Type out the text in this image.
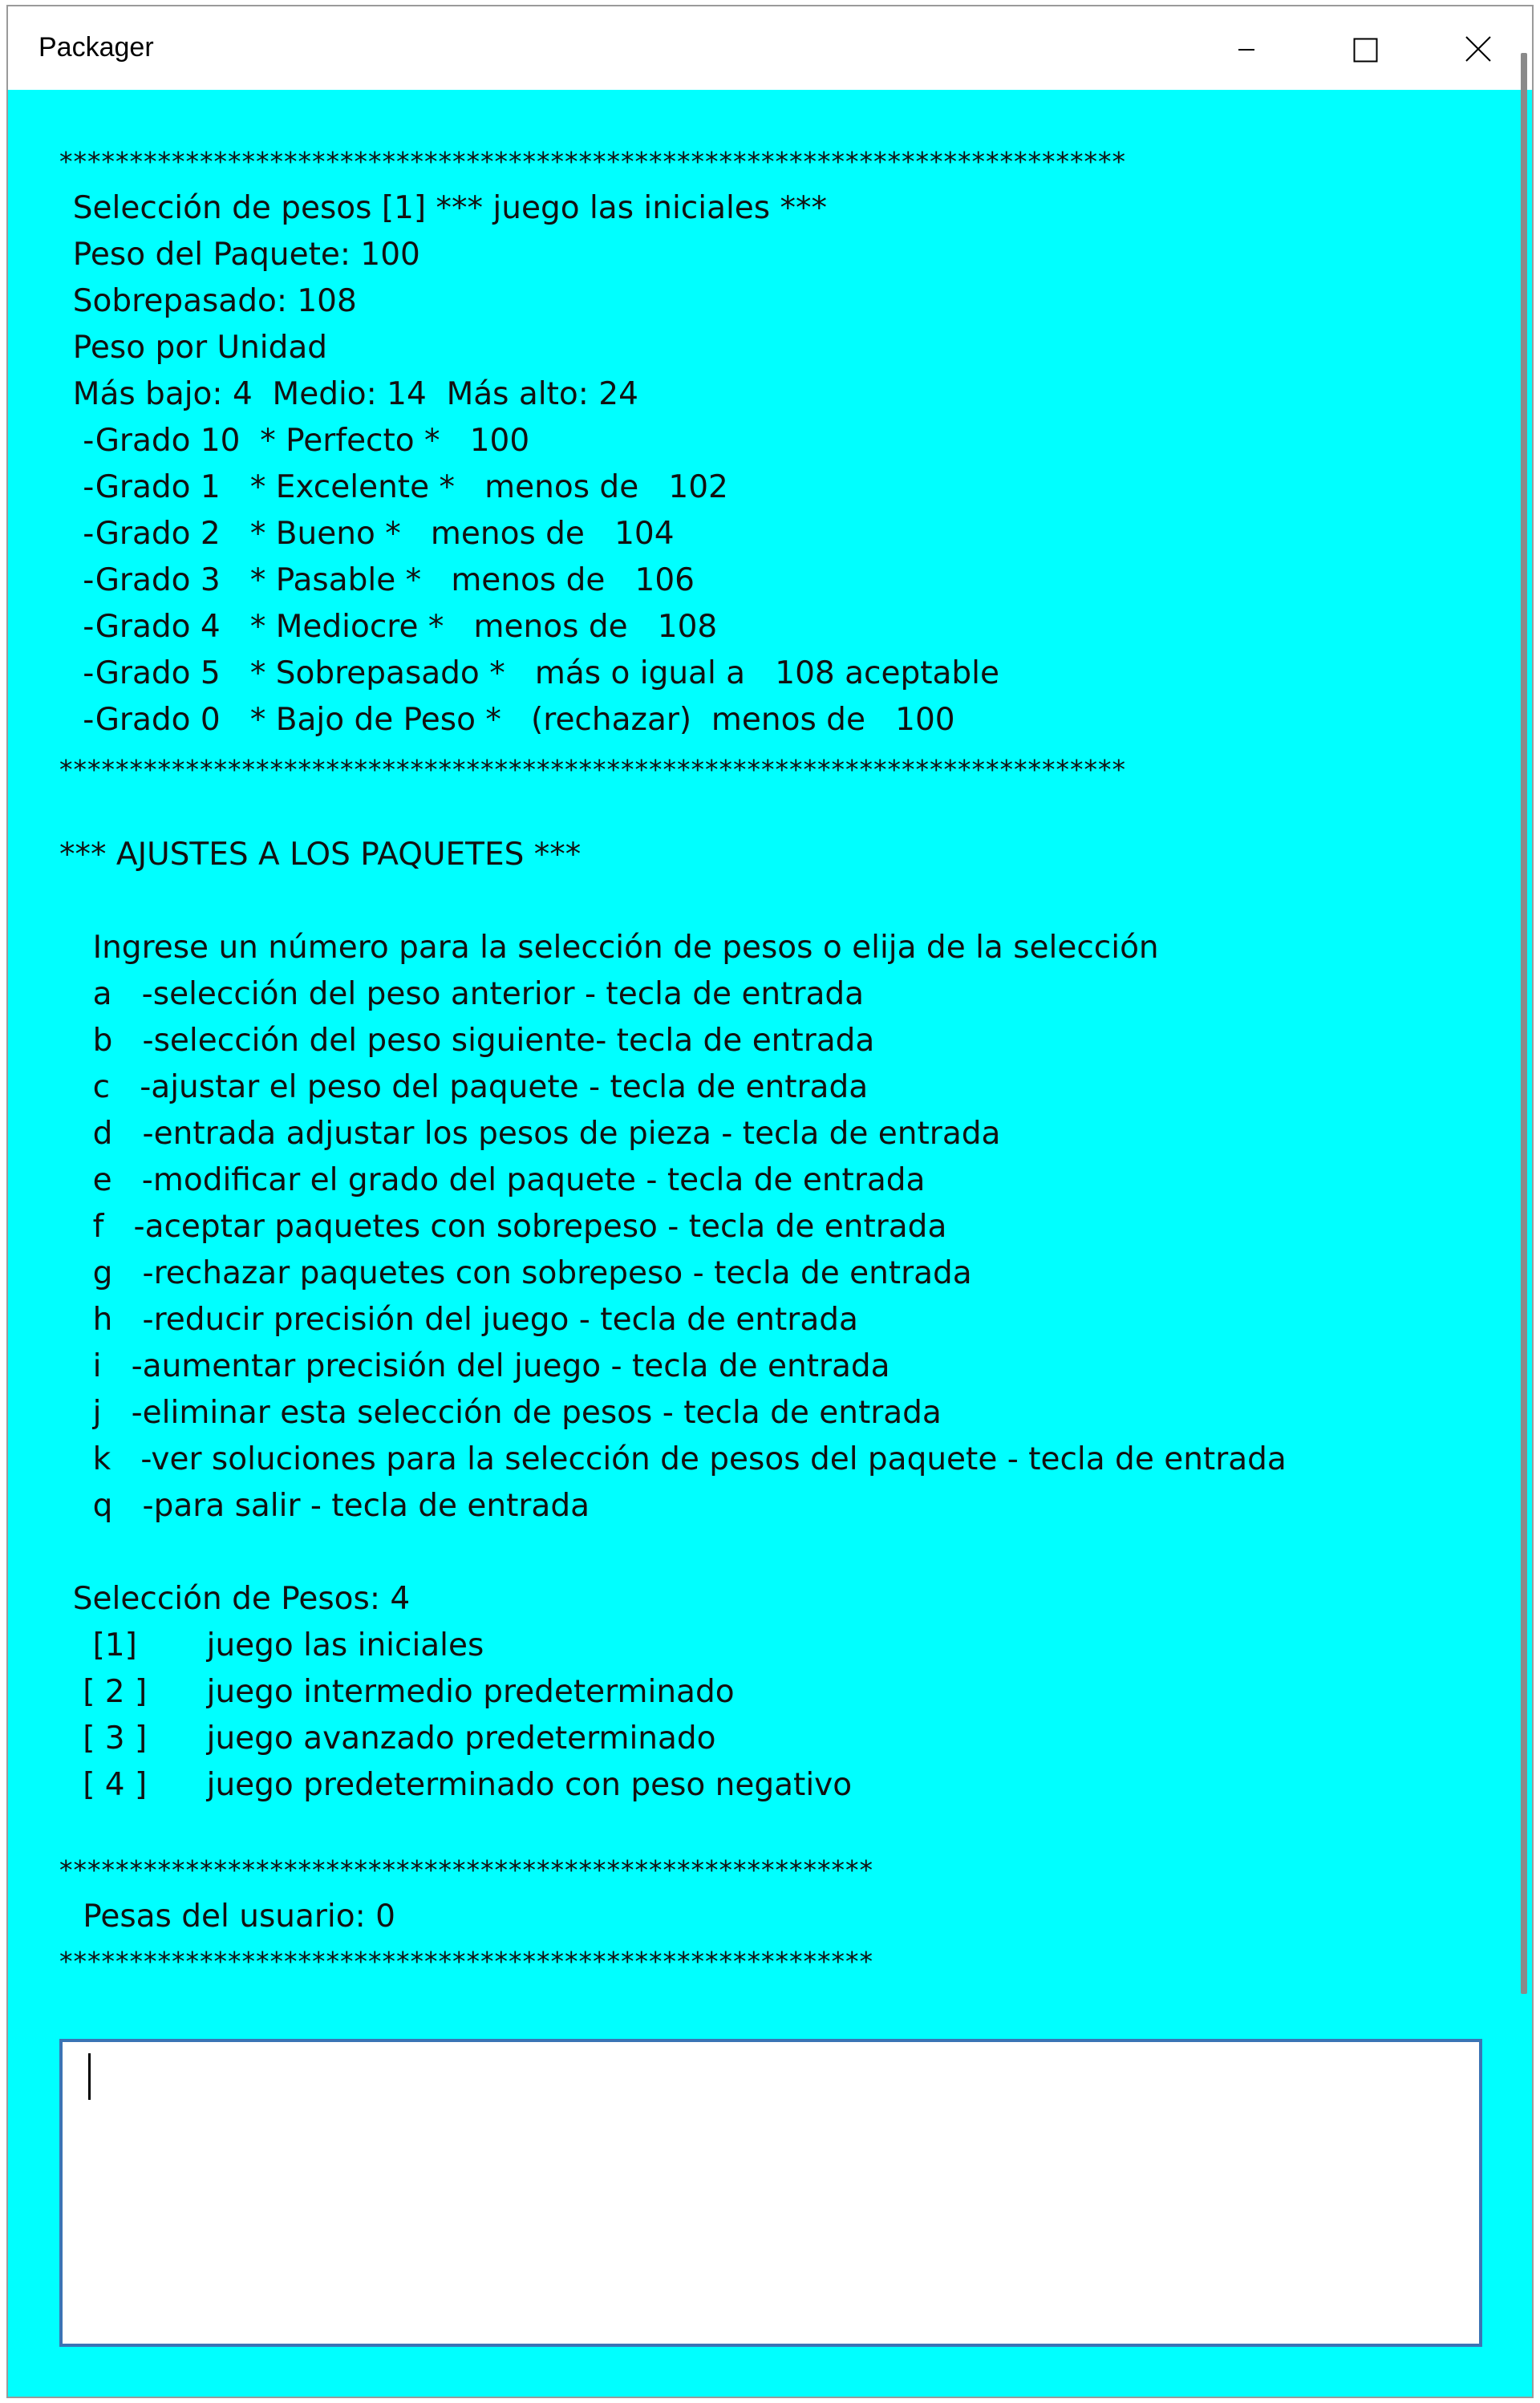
Packager
****************************************************************************
Selección de pesos [1] *** juego las iniciales ***
Peso del Paquete: 100
Sobrepasado: 108
Peso por Unidad
Más bajo: 4  Medio: 14  Más alto: 24
-Grado 10  * Perfecto *   100
-Grado 1   * Excelente *   menos de   102
-Grado 2   * Bueno *   menos de   104
-Grado 3   * Pasable *   menos de   106
-Grado 4   * Mediocre *   menos de   108
-Grado 5   * Sobrepasado *   más o igual a   108 aceptable
-Grado 0   * Bajo de Peso *   (rechazar)  menos de   100
****************************************************************************
*** AJUSTES A LOS PAQUETES ***
Ingrese un número para la selección de pesos o elija de la selección
a   -selección del peso anterior - tecla de entrada
b   -selección del peso siguiente- tecla de entrada
c   -ajustar el peso del paquete - tecla de entrada
d   -entrada adjustar los pesos de pieza - tecla de entrada
e   -modificar el grado del paquete - tecla de entrada
f   -aceptar paquetes con sobrepeso - tecla de entrada
g   -rechazar paquetes con sobrepeso - tecla de entrada
h   -reducir precisión del juego - tecla de entrada
i   -aumentar precisión del juego - tecla de entrada
j   -eliminar esta selección de pesos - tecla de entrada
k   -ver soluciones para la selección de pesos del paquete - tecla de entrada
q   -para salir - tecla de entrada
Selección de Pesos: 4
[1]       juego las iniciales
[ 2 ]      juego intermedio predeterminado
[ 3 ]      juego avanzado predeterminado
[ 4 ]      juego predeterminado con peso negativo
**********************************************************
Pesas del usuario: 0
**********************************************************
